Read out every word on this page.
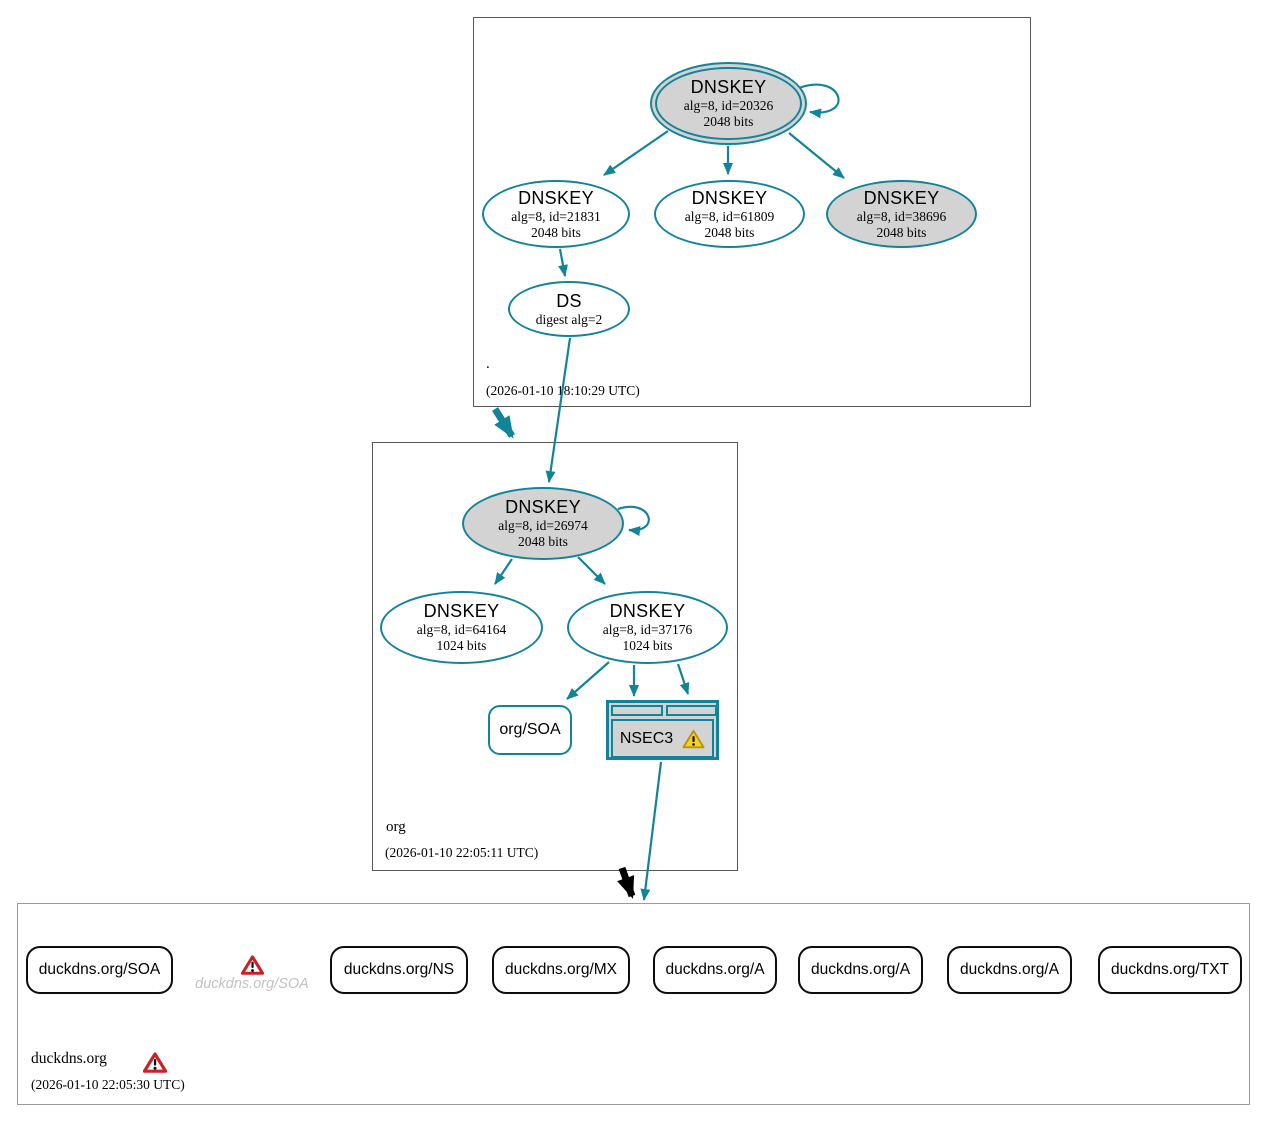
.
(2026-01-10 18:10:29 UTC)
org
(2026-01-10 22:05:11 UTC)
duckdns.org
(2026-01-10 22:05:30 UTC)
DNSKEY
alg=8, id=20326
2048 bits
DNSKEY
alg=8, id=21831
2048 bits
DNSKEY
alg=8, id=61809
2048 bits
DNSKEY
alg=8, id=38696
2048 bits
DS
digest alg=2
DNSKEY
alg=8, id=26974
2048 bits
DNSKEY
alg=8, id=64164
1024 bits
DNSKEY
alg=8, id=37176
1024 bits
org/SOA	NSEC3
duckdns.org/SOA
duckdns.org/SOA
duckdns.org/NS	duckdns.org/MX	duckdns.org/A	duckdns.org/A	duckdns.org/A	duckdns.org/TXT
